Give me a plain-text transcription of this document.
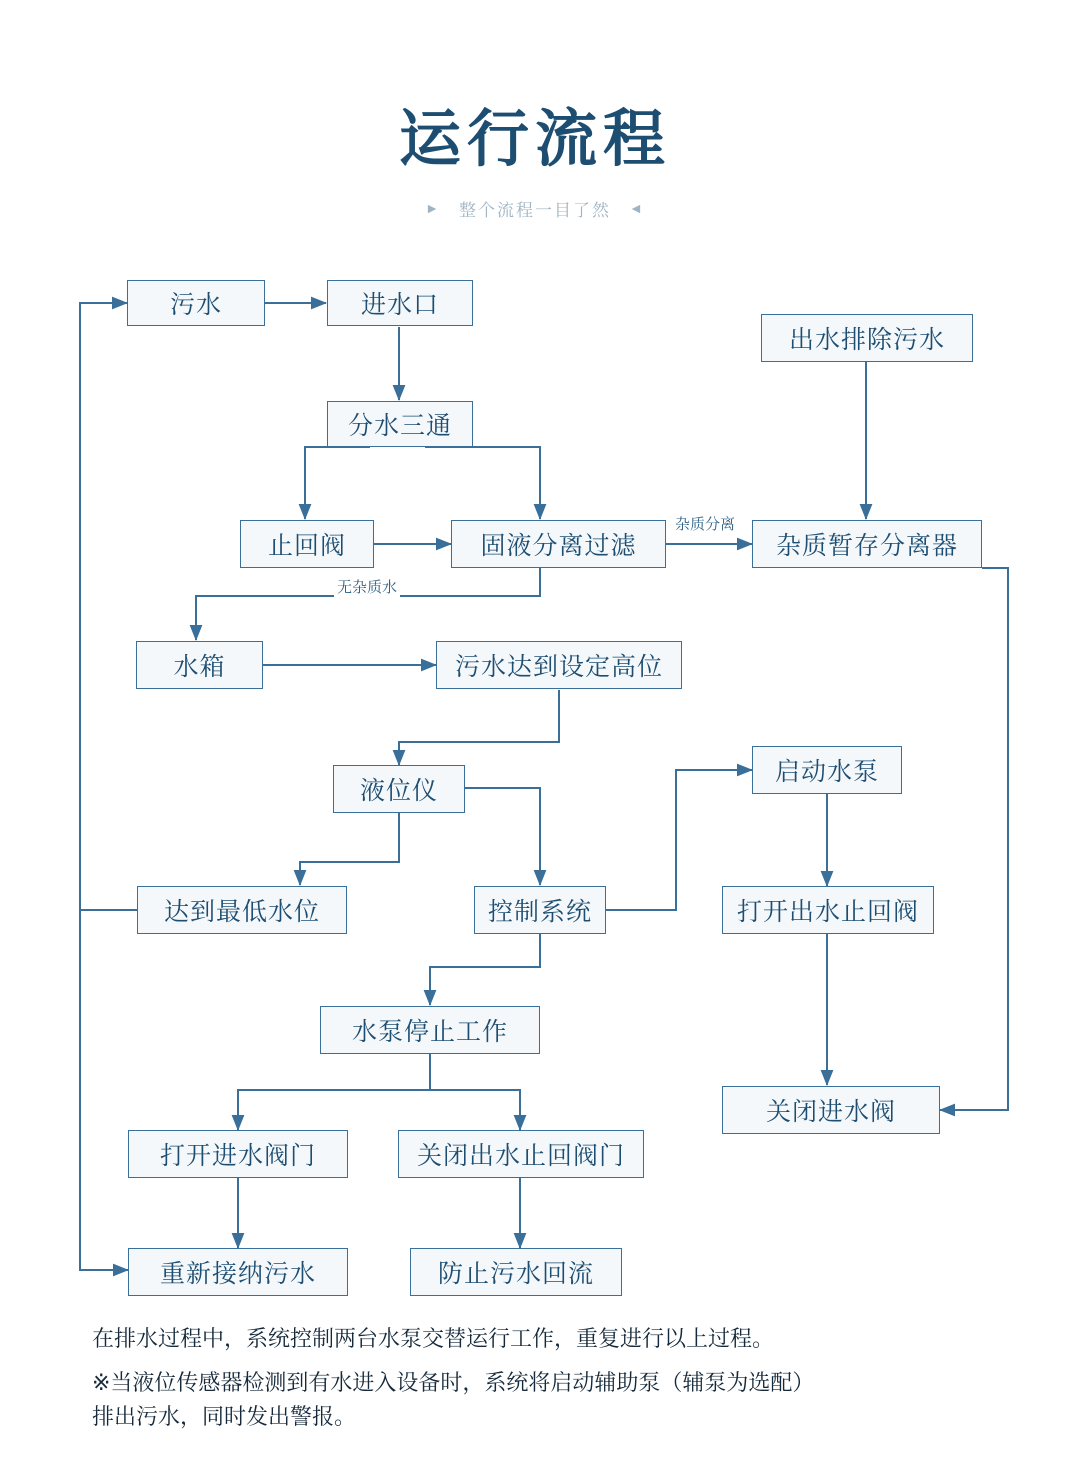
运行流程
► 整个流程一目了然 ◄
污水	进水口
分水三通
止回阀	固液分离过滤	杂质暂存分离器
出水排除污水
水箱	污水达到设定高位
液位仪
启动水泵
达到最低水位	控制系统	打开出水止回阀
水泵停止工作
关闭进水阀
打开进水阀门	关闭出水止回阀门
重新接纳污水	防止污水回流
杂质分离
无杂质水

在排水过程中，系统控制两台水泵交替运行工作，重复进行以上过程。

※当液位传感器检测到有水进入设备时，系统将启动辅助泵（辅泵为选配）

排出污水，同时发出警报。
